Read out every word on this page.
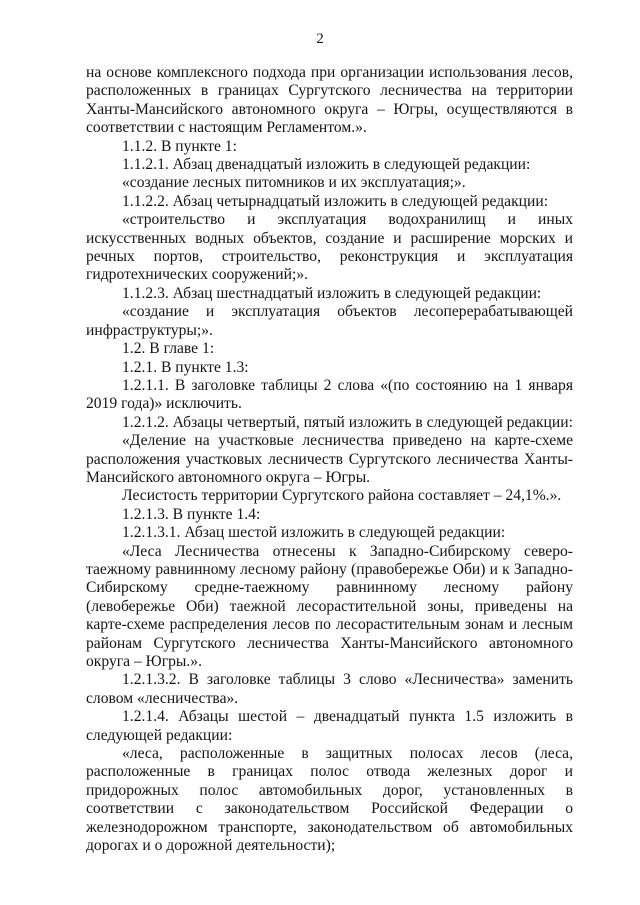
2

на основе комплексного подхода при организации использования лесов, расположенных в границах Сургутского лесничества на территории Ханты-Мансийского автономного округа – Югры, осуществляются в соответствии с настоящим Регламентом.».

1.1.2. В пункте 1:

1.1.2.1. Абзац двенадцатый изложить в следующей редакции:

«создание лесных питомников и их эксплуатация;».

1.1.2.2. Абзац четырнадцатый изложить в следующей редакции:

«строительство и эксплуатация водохранилищ и иных искусственных водных объектов, создание и расширение морских и речных портов, строительство, реконструкция и эксплуатация гидротехнических сооружений;».

1.1.2.3. Абзац шестнадцатый изложить в следующей редакции:

«создание и эксплуатация объектов лесоперерабатывающей инфраструктуры;».

1.2. В главе 1:

1.2.1. В пункте 1.3:

1.2.1.1. В заголовке таблицы 2 слова «(по состоянию на 1 января 2019 года)» исключить.

1.2.1.2. Абзацы четвертый, пятый изложить в следующей редакции:

«Деление на участковые лесничества приведено на карте-схеме расположения участковых лесничеств Сургутского лесничества Ханты-Мансийского автономного округа – Югры.

Лесистость территории Сургутского района составляет – 24,1%.».

1.2.1.3. В пункте 1.4:

1.2.1.3.1. Абзац шестой изложить в следующей редакции:

«Леса Лесничества отнесены к Западно-Сибирскому северо-таежному равнинному лесному району (правобережье Оби) и к Западно-Сибирскому средне-таежному равнинному лесному району (левобережье Оби) таежной лесорастительной зоны, приведены на карте-схеме распределения лесов по лесорастительным зонам и лесным районам Сургутского лесничества Ханты-Мансийского автономного округа – Югры.».

1.2.1.3.2. В заголовке таблицы 3 слово «Лесничества» заменить словом «лесничества».

1.2.1.4. Абзацы шестой – двенадцатый пункта 1.5 изложить в следующей редакции:

«леса, расположенные в защитных полосах лесов (леса, расположенные в границах полос отвода железных дорог и придорожных полос автомобильных дорог, установленных в соответствии с законодательством Российской Федерации о железнодорожном транспорте, законодательством об автомобильных дорогах и о дорожной деятельности);
